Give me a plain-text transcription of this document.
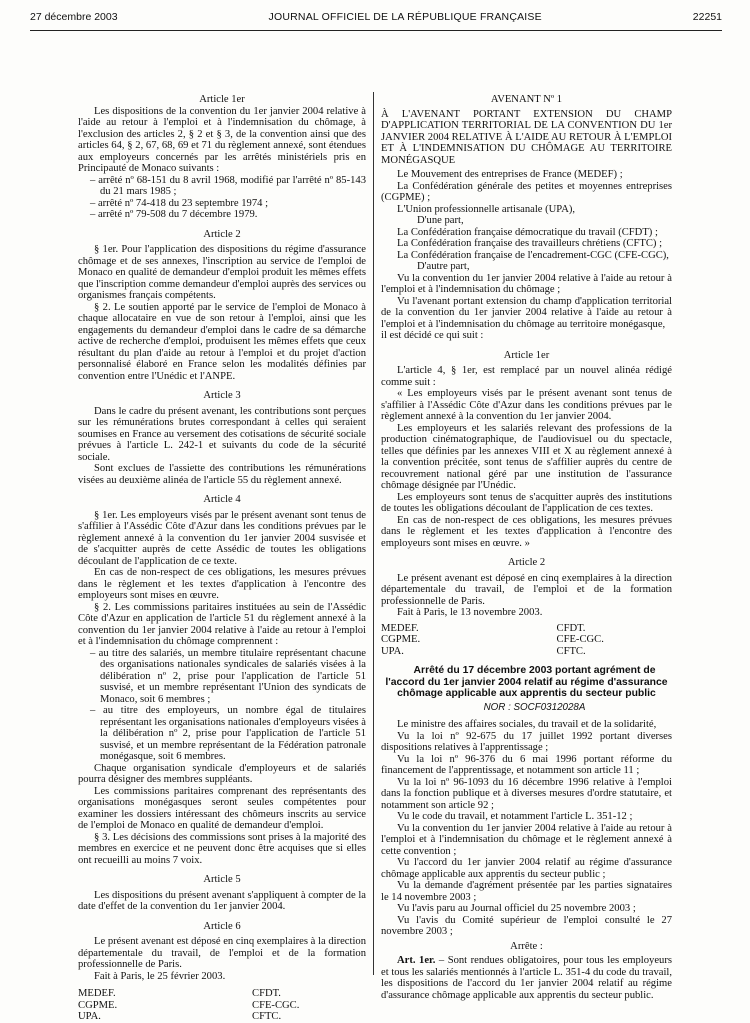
27 décembre 2003	JOURNAL OFFICIEL DE LA RÉPUBLIQUE FRANÇAISE	22251

Article 1er

Les dispositions de la convention du 1er janvier 2004 relative à l'aide au retour à l'emploi et à l'indemnisation du chômage, à l'exclusion des articles 2, § 2 et § 3, de la convention ainsi que des articles 64, § 2, 67, 68, 69 et 71 du règlement annexé, sont étendues aux employeurs concernés par les arrêtés ministériels pris en Principauté de Monaco suivants :

– arrêté nº 68-151 du 8 avril 1968, modifié par l'arrêté nº 85-143 du 21 mars 1985 ;

– arrêté nº 74-418 du 23 septembre 1974 ;

– arrêté nº 79-508 du 7 décembre 1979.

Article 2

§ 1er. Pour l'application des dispositions du régime d'assurance chômage et de ses annexes, l'inscription au service de l'emploi de Monaco en qualité de demandeur d'emploi produit les mêmes effets que l'inscription comme demandeur d'emploi auprès des services ou organismes français compétents.

§ 2. Le soutien apporté par le service de l'emploi de Monaco à chaque allocataire en vue de son retour à l'emploi, ainsi que les engagements du demandeur d'emploi dans le cadre de sa démarche active de recherche d'emploi, produisent les mêmes effets que ceux résultant du plan d'aide au retour à l'emploi et du projet d'action personnalisé élaboré en France selon les modalités définies par convention entre l'Unédic et l'ANPE.

Article 3

Dans le cadre du présent avenant, les contributions sont perçues sur les rémunérations brutes correspondant à celles qui seraient soumises en France au versement des cotisations de sécurité sociale prévues à l'article L. 242-1 et suivants du code de la sécurité sociale.

Sont exclues de l'assiette des contributions les rémunérations visées au deuxième alinéa de l'article 55 du règlement annexé.

Article 4

§ 1er. Les employeurs visés par le présent avenant sont tenus de s'affilier à l'Assédic Côte d'Azur dans les conditions prévues par le règlement annexé à la convention du 1er janvier 2004 susvisée et de s'acquitter auprès de cette Assédic de toutes les obligations découlant de l'application de ce texte.

En cas de non-respect de ces obligations, les mesures prévues dans le règlement et les textes d'application à l'encontre des employeurs sont mises en œuvre.

§ 2. Les commissions paritaires instituées au sein de l'Assédic Côte d'Azur en application de l'article 51 du règlement annexé à la convention du 1er janvier 2004 relative à l'aide au retour à l'emploi et à l'indemnisation du chômage comprennent :

– au titre des salariés, un membre titulaire représentant chacune des organisations nationales syndicales de salariés visées à la délibération nº 2, prise pour l'application de l'article 51 susvisé, et un membre représentant l'Union des syndicats de Monaco, soit 6 membres ;

– au titre des employeurs, un nombre égal de titulaires représentant les organisations nationales d'employeurs visées à la délibération nº 2, prise pour l'application de l'article 51 susvisé, et un membre représentant de la Fédération patronale monégasque, soit 6 membres.

Chaque organisation syndicale d'employeurs et de salariés pourra désigner des membres suppléants.

Les commissions paritaires comprenant des représentants des organisations monégasques seront seules compétentes pour examiner les dossiers intéressant des chômeurs inscrits au service de l'emploi de Monaco en qualité de demandeur d'emploi.

§ 3. Les décisions des commissions sont prises à la majorité des membres en exercice et ne peuvent donc être acquises que si elles ont recueilli au moins 7 voix.

Article 5

Les dispositions du présent avenant s'appliquent à compter de la date d'effet de la convention du 1er janvier 2004.

Article 6

Le présent avenant est déposé en cinq exemplaires à la direction départementale du travail, de l'emploi et de la formation professionnelle de Paris.

Fait à Paris, le 25 février 2003.

MEDEF.	CFDT.
CGPME.	CFE-CGC.
UPA.	CFTC.

AVENANT Nº 1

À L'AVENANT PORTANT EXTENSION DU CHAMP D'APPLICATION TERRITORIAL DE LA CONVENTION DU 1er JANVIER 2004 RELATIVE À L'AIDE AU RETOUR À L'EMPLOI ET À L'INDEMNISATION DU CHÔMAGE AU TERRITOIRE MONÉGASQUE

Le Mouvement des entreprises de France (MEDEF) ;

La Confédération générale des petites et moyennes entreprises (CGPME) ;

L'Union professionnelle artisanale (UPA),

D'une part,

La Confédération française démocratique du travail (CFDT) ;

La Confédération française des travailleurs chrétiens (CFTC) ;

La Confédération française de l'encadrement-CGC (CFE-CGC),

D'autre part,

Vu la convention du 1er janvier 2004 relative à l'aide au retour à l'emploi et à l'indemnisation du chômage ;

Vu l'avenant portant extension du champ d'application territorial de la convention du 1er janvier 2004 relative à l'aide au retour à l'emploi et à l'indemnisation du chômage au territoire monégasque,

il est décidé ce qui suit :

Article 1er

L'article 4, § 1er, est remplacé par un nouvel alinéa rédigé comme suit :

« Les employeurs visés par le présent avenant sont tenus de s'affilier à l'Assédic Côte d'Azur dans les conditions prévues par le règlement annexé à la convention du 1er janvier 2004.

Les employeurs et les salariés relevant des professions de la production cinématographique, de l'audiovisuel ou du spectacle, telles que définies par les annexes VIII et X au règlement annexé à la convention précitée, sont tenus de s'affilier auprès du centre de recouvrement national géré par une institution de l'assurance chômage désignée par l'Unédic.

Les employeurs sont tenus de s'acquitter auprès des institutions de toutes les obligations découlant de l'application de ces textes.

En cas de non-respect de ces obligations, les mesures prévues dans le règlement et les textes d'application à l'encontre des employeurs sont mises en œuvre. »

Article 2

Le présent avenant est déposé en cinq exemplaires à la direction départementale du travail, de l'emploi et de la formation professionnelle de Paris.

Fait à Paris, le 13 novembre 2003.

MEDEF.	CFDT.
CGPME.	CFE-CGC.
UPA.	CFTC.

Arrêté du 17 décembre 2003 portant agrément de l'accord du 1er janvier 2004 relatif au régime d'assurance chômage applicable aux apprentis du secteur public

NOR : SOCF0312028A

Le ministre des affaires sociales, du travail et de la solidarité,

Vu la loi nº 92-675 du 17 juillet 1992 portant diverses dispositions relatives à l'apprentissage ;

Vu la loi nº 96-376 du 6 mai 1996 portant réforme du financement de l'apprentissage, et notamment son article 11 ;

Vu la loi nº 96-1093 du 16 décembre 1996 relative à l'emploi dans la fonction publique et à diverses mesures d'ordre statutaire, et notamment son article 92 ;

Vu le code du travail, et notamment l'article L. 351-12 ;

Vu la convention du 1er janvier 2004 relative à l'aide au retour à l'emploi et à l'indemnisation du chômage et le règlement annexé à cette convention ;

Vu l'accord du 1er janvier 2004 relatif au régime d'assurance chômage applicable aux apprentis du secteur public ;

Vu la demande d'agrément présentée par les parties signataires le 14 novembre 2003 ;

Vu l'avis paru au Journal officiel du 25 novembre 2003 ;

Vu l'avis du Comité supérieur de l'emploi consulté le 27 novembre 2003 ;

Arrête :

Art. 1er. – Sont rendues obligatoires, pour tous les employeurs et tous les salariés mentionnés à l'article L. 351-4 du code du travail, les dispositions de l'accord du 1er janvier 2004 relatif au régime d'assurance chômage applicable aux apprentis du secteur public.
